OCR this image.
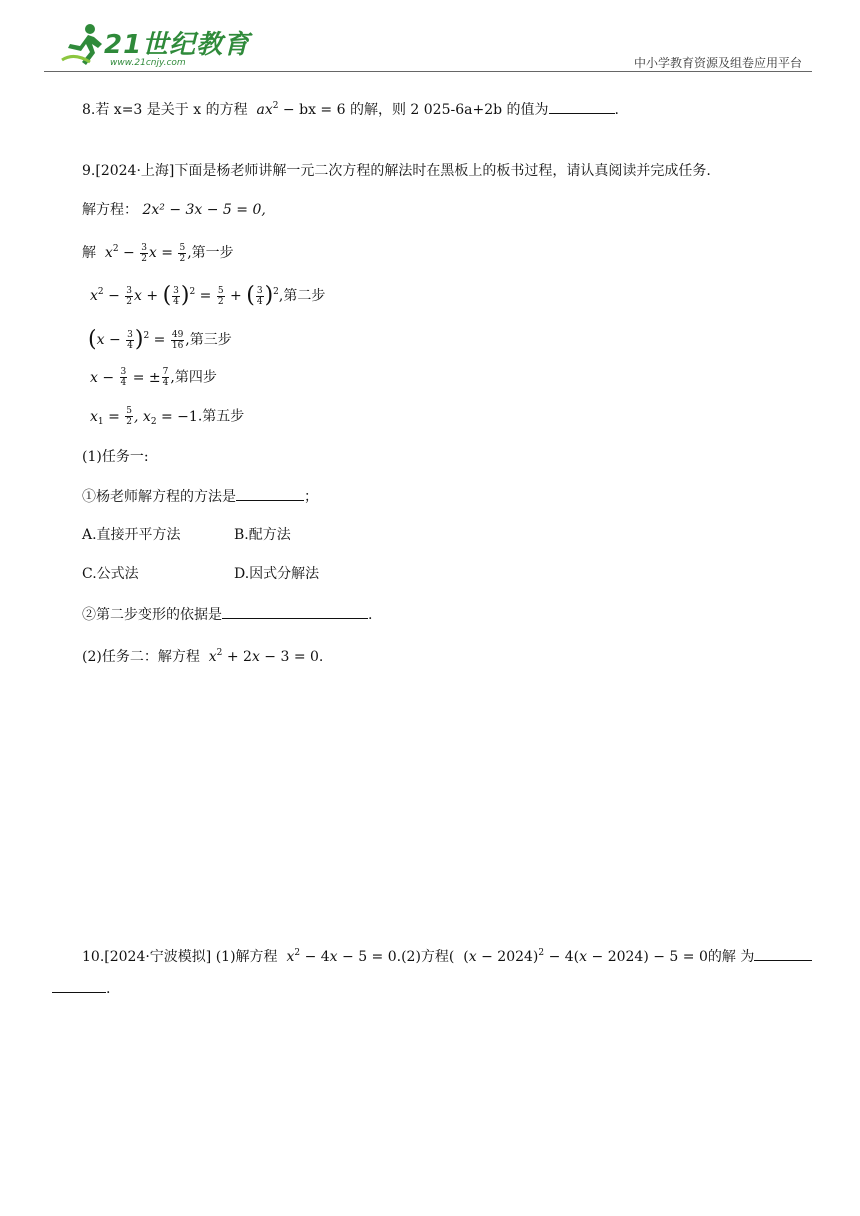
21世纪教育
www.21cnjy.com	中小学教育资源及组卷应用平台
8.若 x=3 是关于 x 的方程 $ax^2$ − bx = 6 的解，则 2 025-6a+2b 的值为	.
9.[2024·上海]下面是杨老师讲解一元二次方程的解法时在黑板上的板书过程，请认真阅读并完成任务.
解方程： 2x² − 3x − 5 = 0,
解 $x^2 - \frac{3}{2}$ $x = \frac{5}{2}$ ,第一步
$x^2 - \frac{3}{2}$ x + ( $\frac{3}{4} )^2 = \frac{5}{2}$ + ( $\frac{3}{4} )^2$,第二步
$(x - \frac{3}{4} )^2 = \frac{49}{16}$ ,第三步
$x - \frac{3}{4}$ = ± $\frac{7}{4}$ ,第四步
$x_1 = \frac{5}{2}$ , $x_2 = -1$.第五步
(1)任务一:
①杨老师解方程的方法是	；
A.直接开平方法	B.配方法
C.公式法	D.因式分解法
②第二步变形的依据是	.
(2)任务二：解方程 $x^2 + 2x - 3 = 0$.
10.[2024·宁波模拟] (1)解方程 $x^2 - 4x - 5 = 0.(2)$方程( $(x - 2024)^2 - 4(x - 2024) - 5 = 0$的解 为
.
